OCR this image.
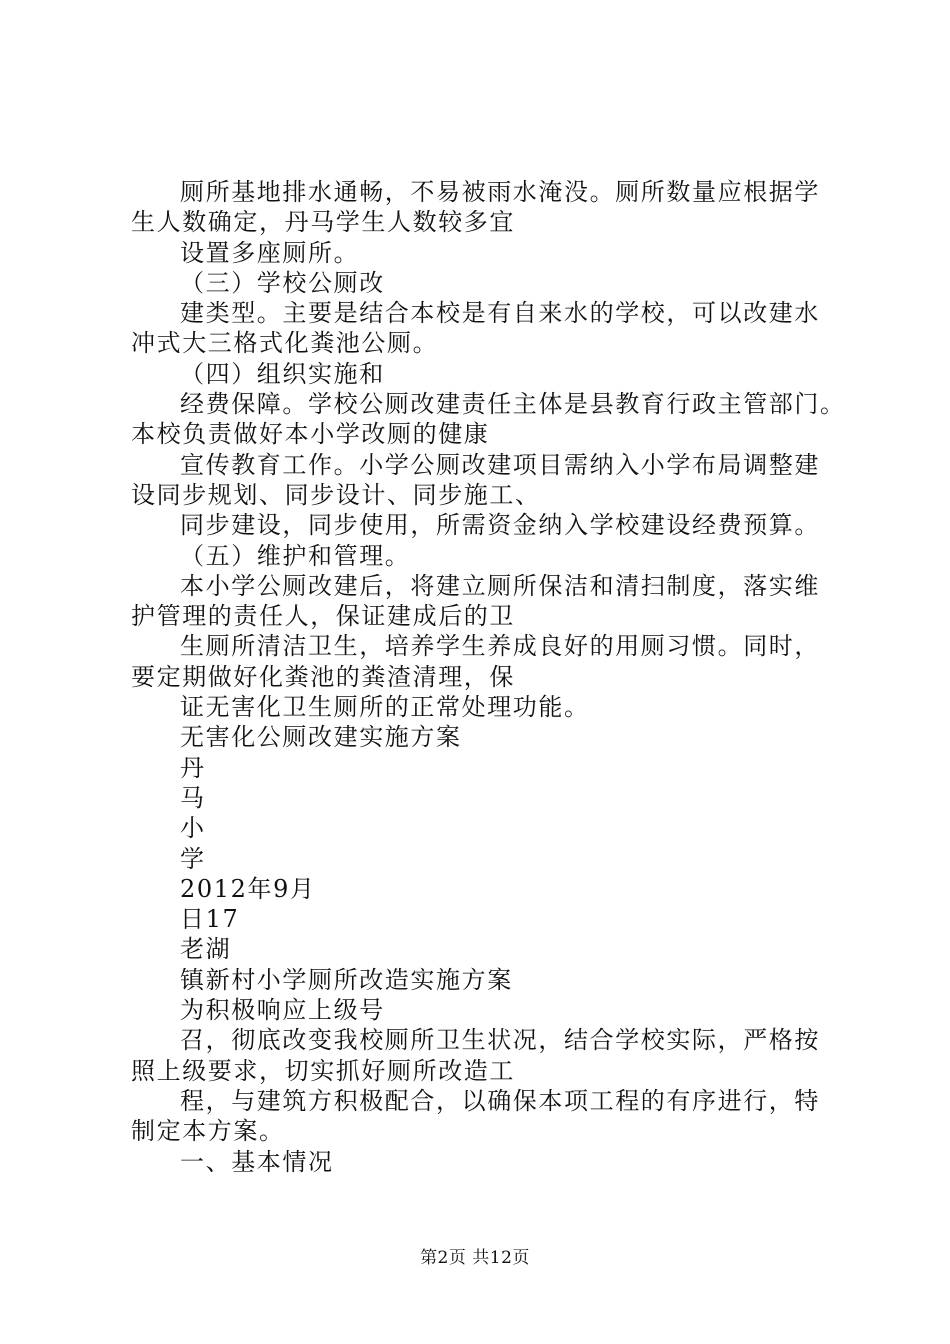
厕所基地排水通畅，不易被雨水淹没。厕所数量应根据学
生人数确定，丹马学生人数较多宜
设置多座厕所。
（三）学校公厕改
建类型。主要是结合本校是有自来水的学校，可以改建水
冲式大三格式化粪池公厕。
（四）组织实施和
经费保障。学校公厕改建责任主体是县教育行政主管部门。
本校负责做好本小学改厕的健康
宣传教育工作。小学公厕改建项目需纳入小学布局调整建
设同步规划、同步设计、同步施工、
同步建设，同步使用，所需资金纳入学校建设经费预算。
（五）维护和管理。
本小学公厕改建后，将建立厕所保洁和清扫制度，落实维
护管理的责任人，保证建成后的卫
生厕所清洁卫生，培养学生养成良好的用厕习惯。同时，
要定期做好化粪池的粪渣清理，保
证无害化卫生厕所的正常处理功能。
无害化公厕改建实施方案
丹
马
小
学
2012年9月
日17
老湖
镇新村小学厕所改造实施方案
为积极响应上级号
召，彻底改变我校厕所卫生状况，结合学校实际，严格按
照上级要求，切实抓好厕所改造工
程，与建筑方积极配合，以确保本项工程的有序进行，特
制定本方案。
一、基本情况
第2页 共12页
